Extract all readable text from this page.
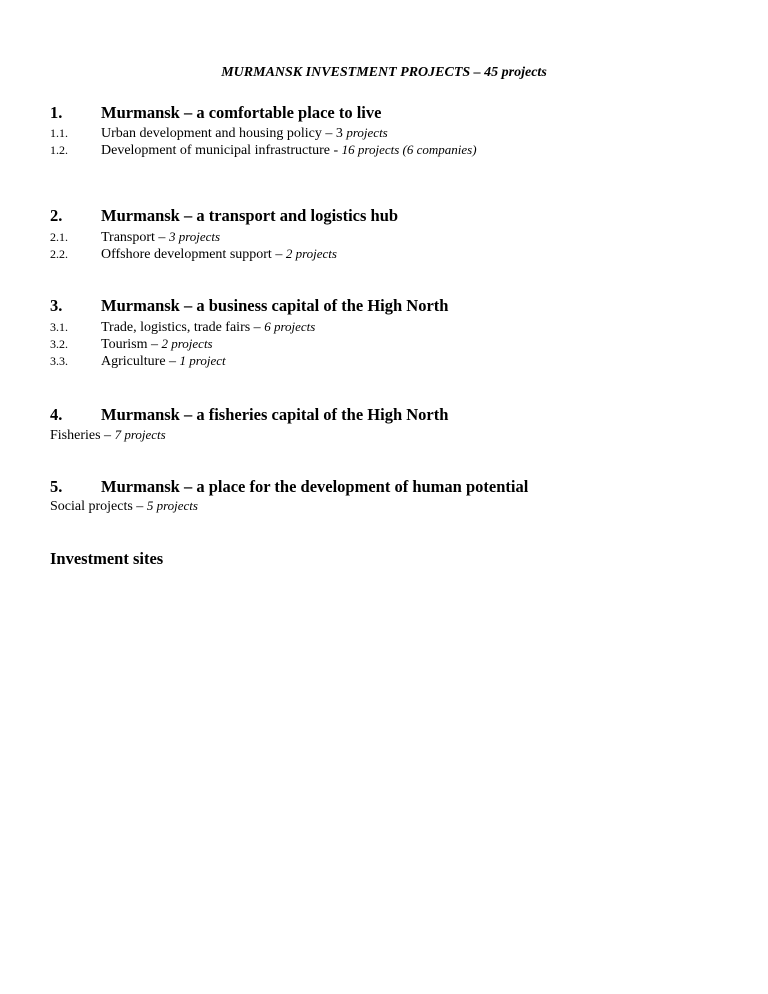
MURMANSK INVESTMENT PROJECTS – 45 projects
1. Murmansk – a comfortable place to live
1.1. Urban development and housing policy – 3 projects
1.2. Development of municipal infrastructure - 16 projects (6 companies)
2. Murmansk – a transport and logistics hub
2.1. Transport – 3 projects
2.2. Offshore development support – 2 projects
3. Murmansk – a business capital of the High North
3.1. Trade, logistics, trade fairs – 6 projects
3.2. Tourism – 2 projects
3.3. Agriculture – 1 project
4. Murmansk – a fisheries capital of the High North
Fisheries – 7 projects
5. Murmansk – a place for the development of human potential
Social projects – 5 projects
Investment sites
